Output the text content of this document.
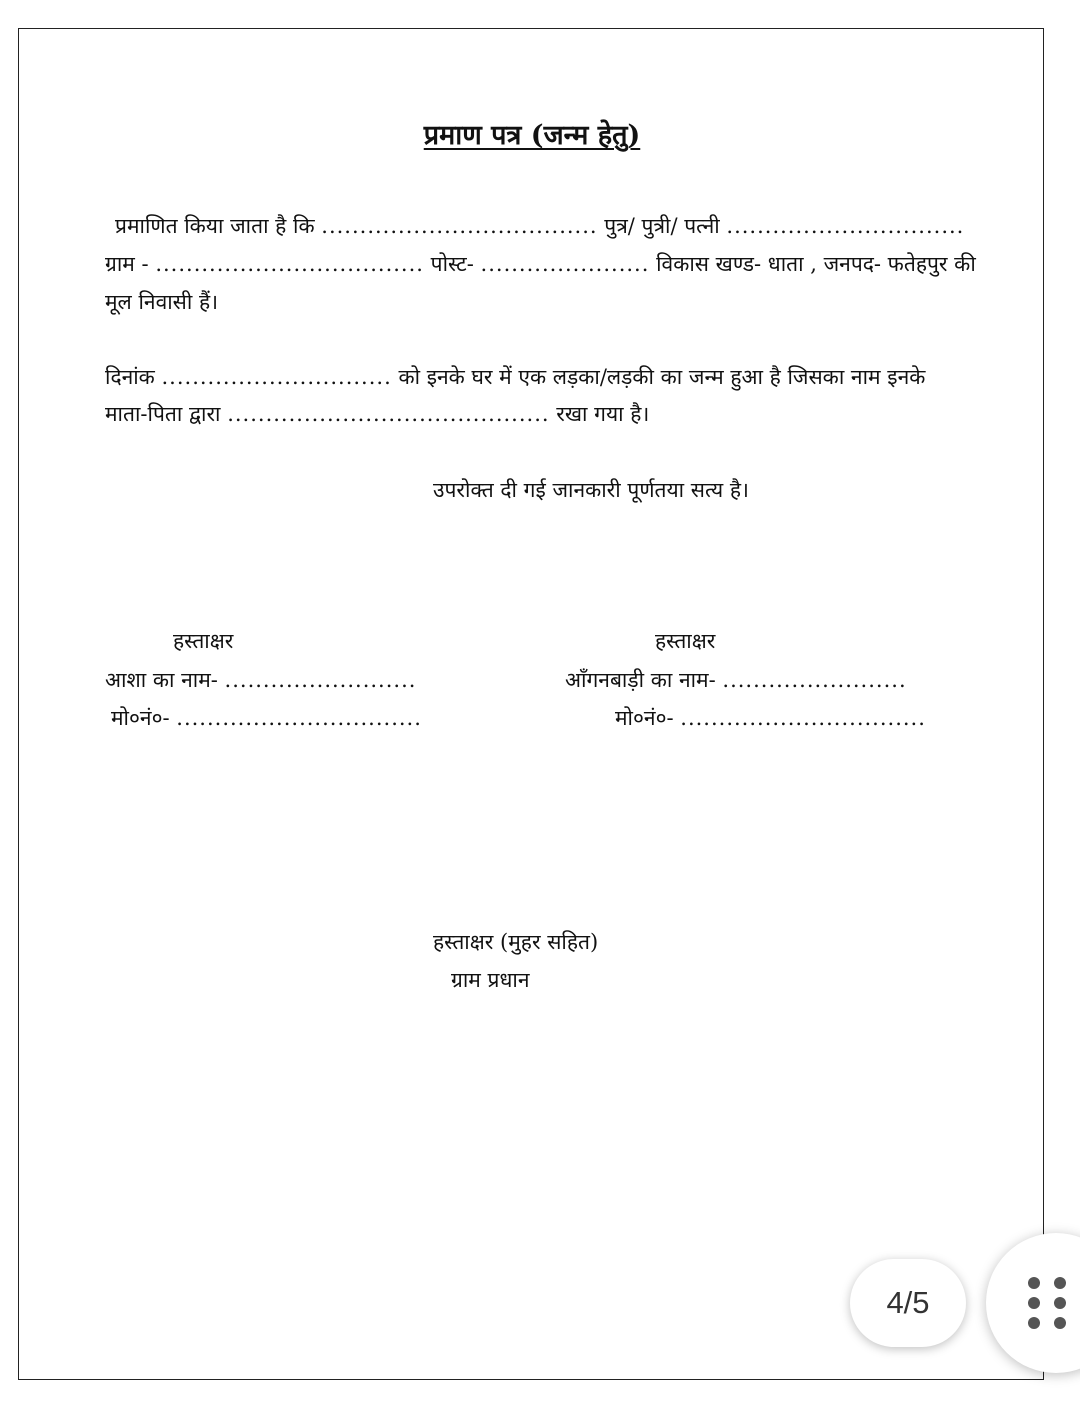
प्रमाण पत्र (जन्म हेतु)
प्रमाणित किया जाता है कि .................................... पुत्र/ पुत्री/ पत्नी ...............................
ग्राम - ................................... पोस्ट- ...................... विकास खण्ड- धाता , जनपद- फतेहपुर की
मूल निवासी हैं।
दिनांक .............................. को इनके घर में एक लड़का/लड़की का जन्म हुआ है जिसका नाम इनके
माता-पिता द्वारा .......................................... रखा गया है।
उपरोक्त दी गई जानकारी पूर्णतया सत्य है।
हस्ताक्षर
आशा का नाम- .........................
मो०नं०- ................................
हस्ताक्षर
आँगनबाड़ी का नाम- ........................
मो०नं०- ................................
हस्ताक्षर (मुहर सहित)
ग्राम प्रधान
4/5
